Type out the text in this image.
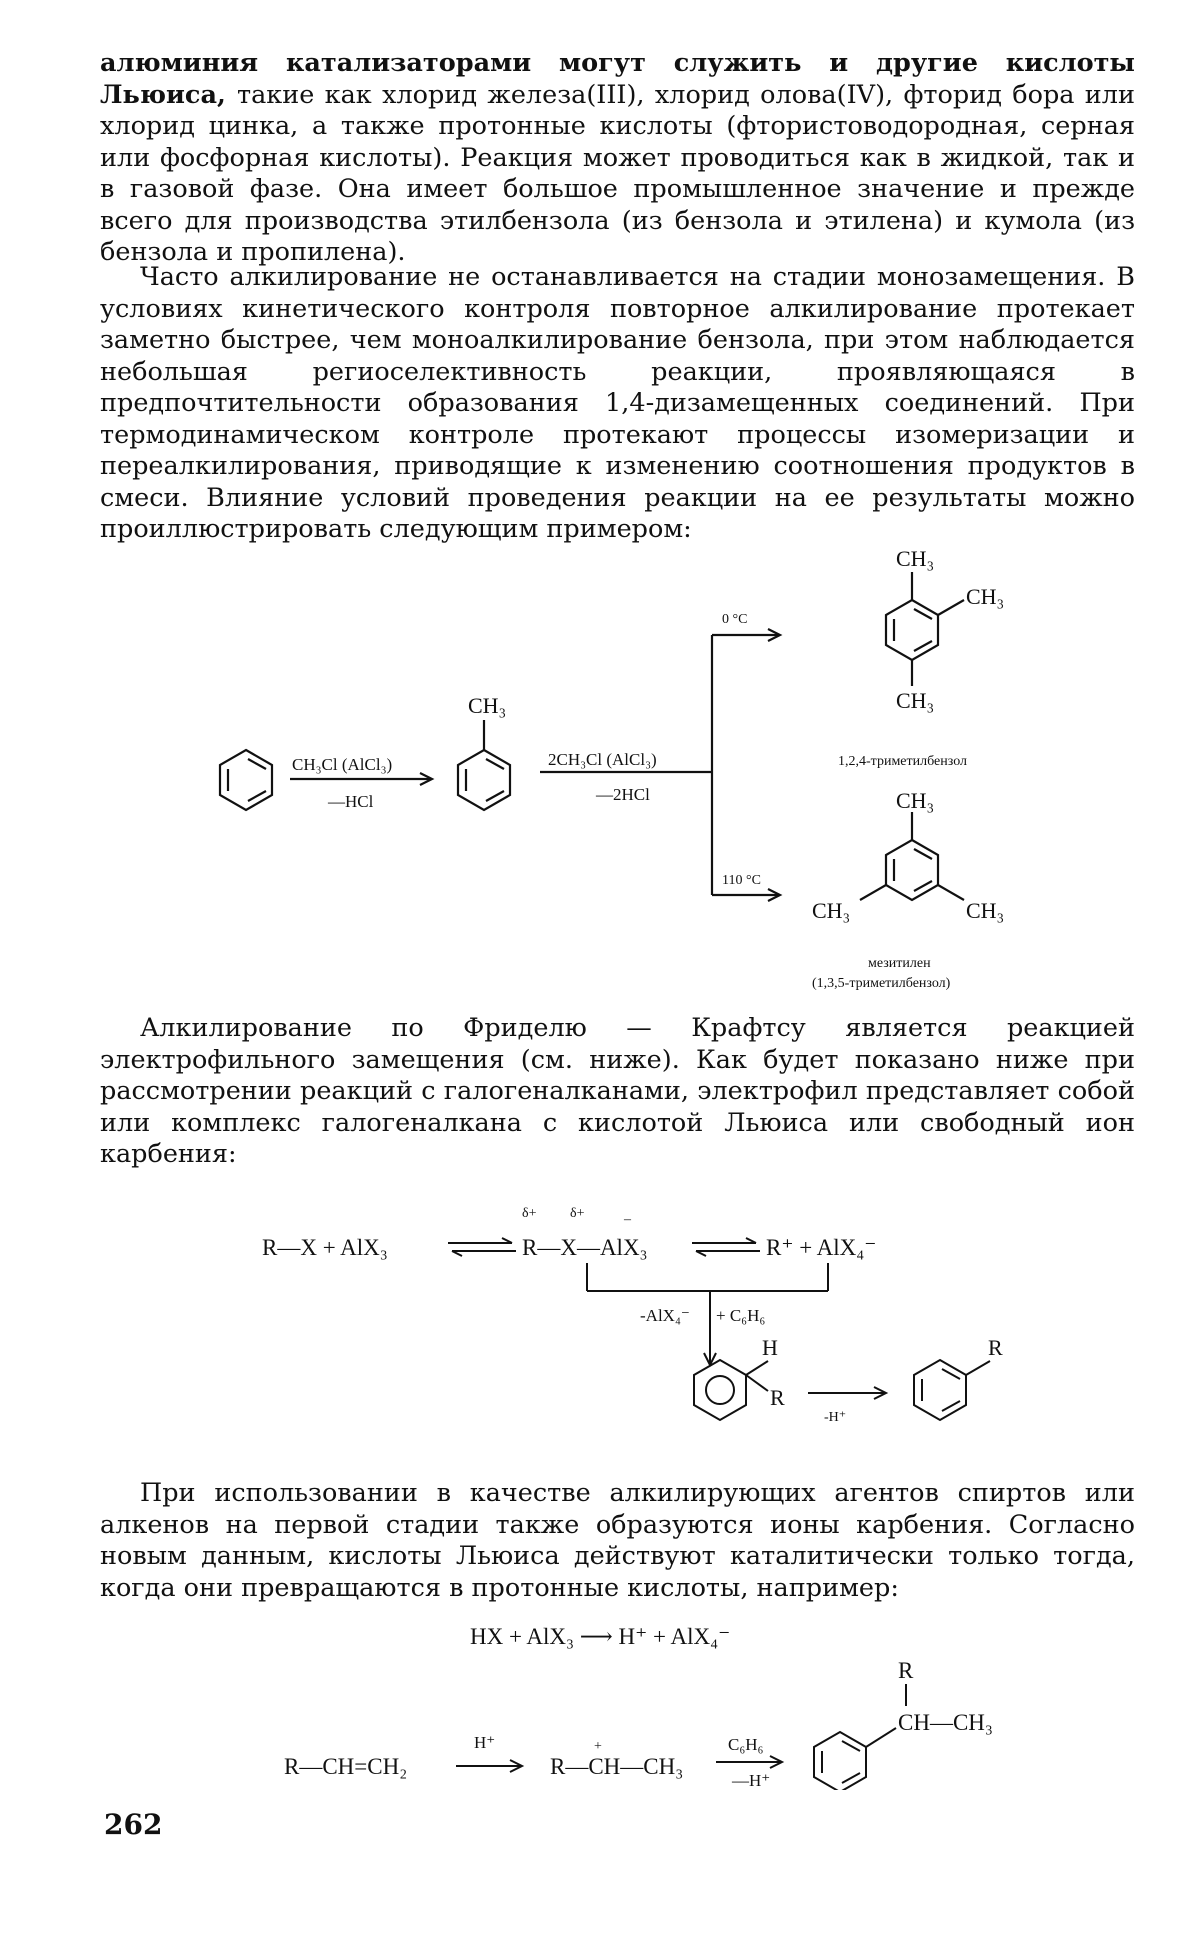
алюминия катализаторами могут служить и другие кислоты Льюиса, такие как хлорид железа(III), хлорид олова(IV), фторид бора или хлорид цинка, а также протонные кислоты (фтористоводородная, серная или фосфорная кислоты). Реакция может проводиться как в жидкой, так и в газовой фазе. Она имеет большое промышленное значение и прежде всего для производства этилбензола (из бензола и этилена) и кумола (из бензола и пропилена).

Часто алкилирование не останавливается на стадии монозамещения. В условиях кинетического контроля повторное алкилирование протекает заметно быстрее, чем моноалкилирование бензола, при этом наблюдается небольшая региоселективность реакции, проявляющаяся в предпочтительности образования 1,4-дизамещенных соединений. При термодинамическом контроле протекают процессы изомеризации и переалкилирования, приводящие к изменению соотношения продуктов в смеси. Влияние условий проведения реакции на ее результаты можно проиллюстрировать следующим примером:

CH₃Cl (AlCl₃)
—HCl
CH₃
2CH₃Cl (AlCl₃)
—2HCl
0 °C
110 °C
CH₃
CH₃
CH₃
1,2,4-триметилбензол
CH₃
CH₃
CH₃
мезитилен
(1,3,5-триметилбензол)

Алкилирование по Фриделю — Крафтсу является реакцией электрофильного замещения (см. ниже). Как будет показано ниже при рассмотрении реакций с галогеналканами, электрофил представляет собой или комплекс галогеналкана с кислотой Льюиса или свободный ион карбения:

R—X + AlX₃
δ+ δ+	–
R—X—AlX₃	R⁺ + AlX₄⁻
-AlX₄⁻ + C₆H₆
H
R
-H⁺
R

При использовании в качестве алкилирующих агентов спиртов или алкенов на первой стадии также образуются ионы карбения. Согласно новым данным, кислоты Льюиса действуют каталитически только тогда, когда они превращаются в протонные кислоты, например:

HX + AlX₃ ⟶ H⁺ + AlX₄⁻
R—CH=CH₂
H⁺
R—CH—CH₃
+	C₆H₆
—H⁺
R
CH—CH₃
262
